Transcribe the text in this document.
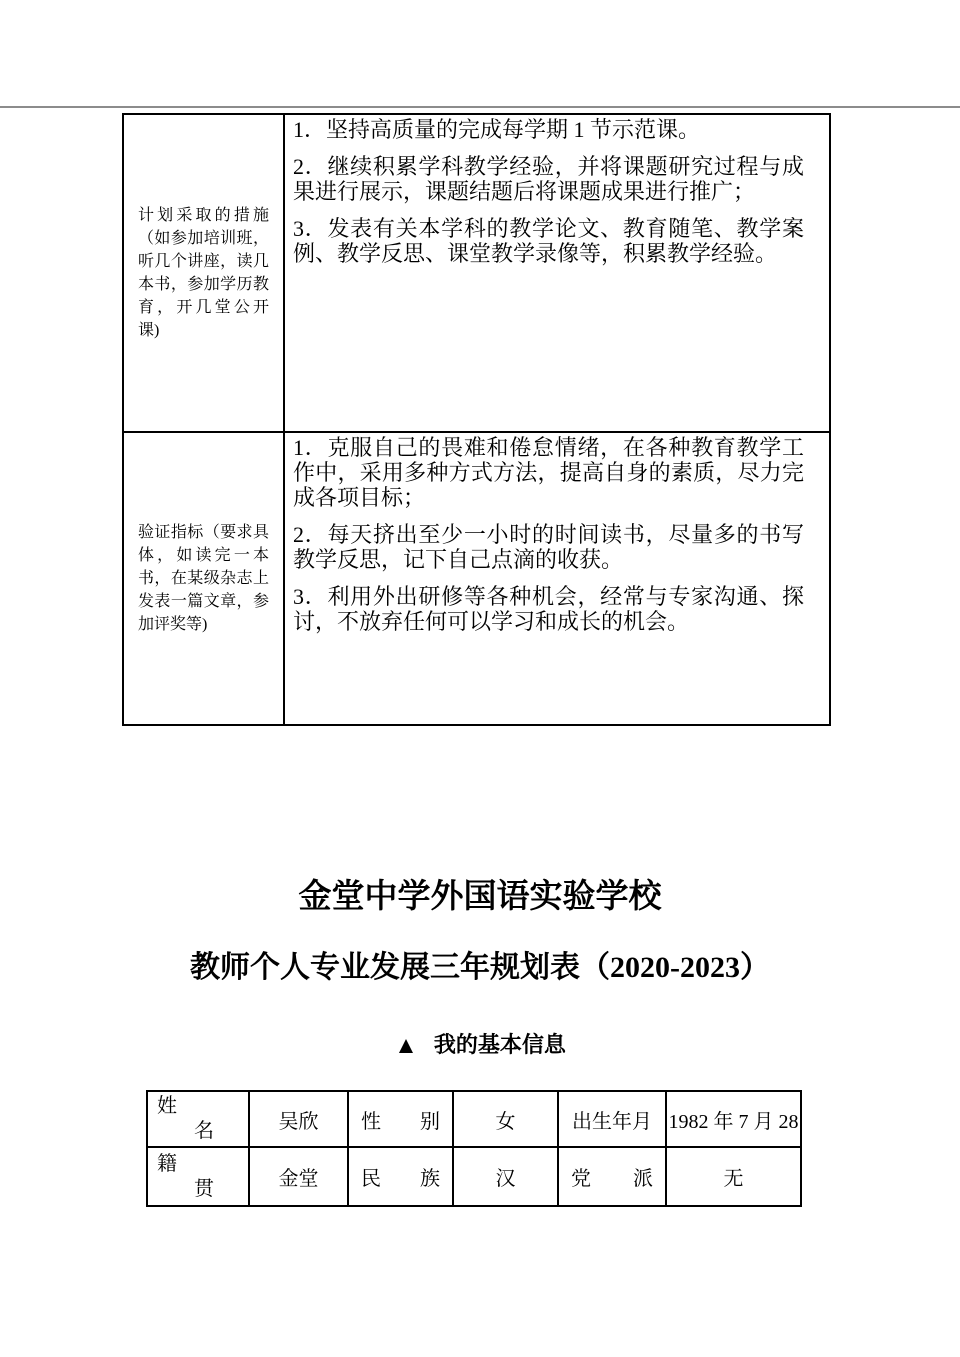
计划采取的措施
（如参加培训班，
听几个讲座，读几
本书，参加学历教
育，开几堂公开
课)

1．坚持高质量的完成每学期 1 节示范课。

2．继续积累学科教学经验，并将课题研究过程与成果进行展示，课题结题后将课题成果进行推广；

3．发表有关本学科的教学论文、教育随笔、教学案例、教学反思、课堂教学录像等，积累教学经验。

验证指标（要求具
体，如读完一本
书，在某级杂志上
发表一篇文章，参
加评奖等)

1．克服自己的畏难和倦怠情绪，在各种教育教学工作中，采用多种方式方法，提高自身的素质，尽力完成各项目标；

2．每天挤出至少一小时的时间读书，尽量多的书写教学反思，记下自己点滴的收获。

3．利用外出研修等各种机会，经常与专家沟通、探讨，不放弃任何可以学习和成长的机会。

金堂中学外国语实验学校
教师个人专业发展三年规划表（2020-2023）
▲ 我的基本信息
姓
名	吴欣	性 别	女	出生年月 1982 年 7 月 28
籍
贯	金堂	民 族	汉	党 派	无
